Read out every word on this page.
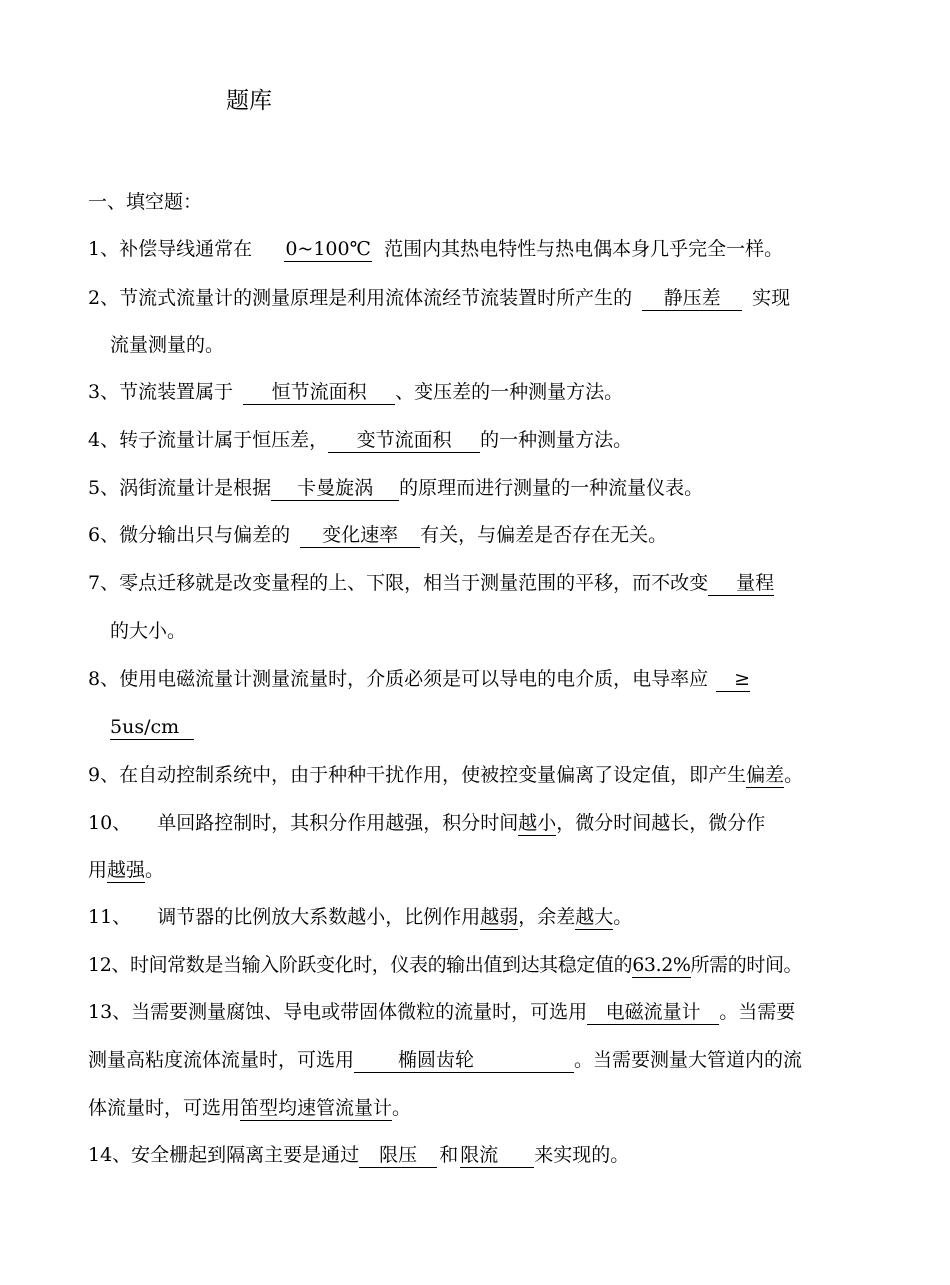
题库
一、填空题：
1、补偿导线通常在 0~100℃ 范围内其热电特性与热电偶本身几乎完全一样。
2、节流式流量计的测量原理是利用流体流经节流装置时所产生的 静压差 实现
流量测量的。
3、节流装置属于 恒节流面积 、变压差的一种测量方法。
4、转子流量计属于恒压差， 变节流面积 的一种测量方法。
5、涡街流量计是根据 卡曼旋涡 的原理而进行测量的一种流量仪表。
6、微分输出只与偏差的 变化速率 有关，与偏差是否存在无关。
7、零点迁移就是改变量程的上、下限，相当于测量范围的平移，而不改变 量程
的大小。
8、使用电磁流量计测量流量时，介质必须是可以导电的电介质，电导率应 ≥
5us/cm
9、在自动控制系统中，由于种种干扰作用，使被控变量偏离了设定值，即产生偏差。
10、 单回路控制时，其积分作用越强，积分时间越小，微分时间越长，微分作
用越强。
11、 调节器的比例放大系数越小，比例作用越弱，余差越大。
12、时间常数是当输入阶跃变化时，仪表的输出值到达其稳定值的63.2%所需的时间。
13、当需要测量腐蚀、导电或带固体微粒的流量时，可选用 电磁流量计 。当需要
测量高粘度流体流量时，可选用 椭圆齿轮	。当需要测量大管道内的流
体流量时，可选用笛型均速管流量计。
14、安全栅起到隔离主要是通过 限压 和 限流 来实现的。
